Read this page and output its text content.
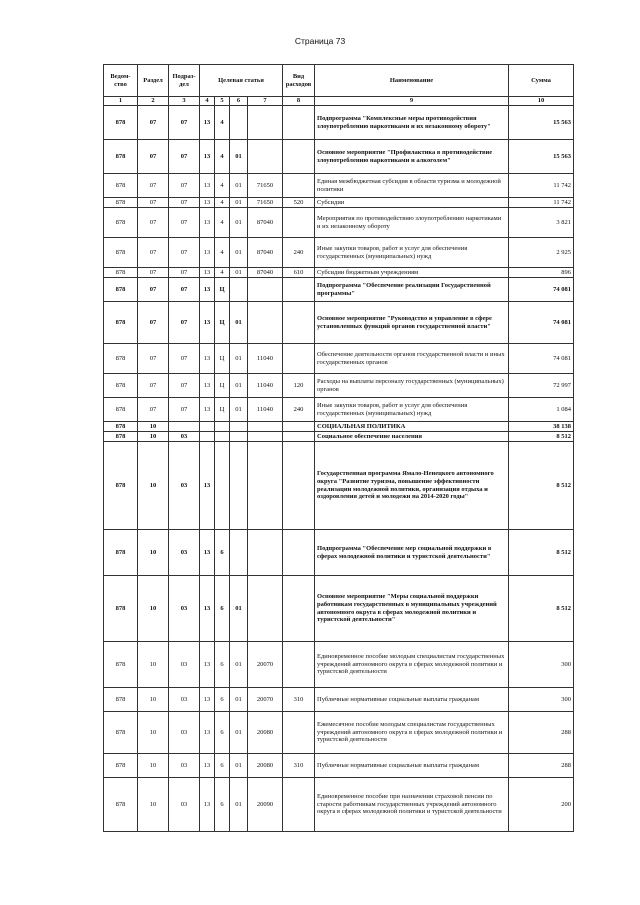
Страница 73
Ведом-ство	Раздел	Подраз-дел	Целевая статья				Вид расходов	Наименование	Сумма
1	2	3	4	5	6	7	8	9	10
878	07	07	13	4				Подпрограмма "Комплексные меры противодействия злоупотреблению наркотиками и их незаконному обороту"	15 563
878	07	07	13	4	01			Основное мероприятие "Профилактика в противодействие злоупотреблению наркотиками и алкоголем"	15 563
878	07	07	13	4	01	71650		Единая межбюджетная субсидия в области туризма и молодежной политики	11 742
878	07	07	13	4	01	71650	520	Субсидии	11 742
878	07	07	13	4	01	87040		Мероприятия по противодействию злоупотреблению наркотиками и их незаконному обороту	3 821
878	07	07	13	4	01	87040	240	Иные закупки товаров, работ и услуг для обеспечения государственных (муниципальных) нужд	2 925
878	07	07	13	4	01	87040	610	Субсидии бюджетным учреждениям	896
878	07	07	13	Ц				Подпрограмма "Обеспечение реализации Государственной программы"	74 081
878	07	07	13	Ц	01			Основное мероприятие "Руководство и управление в сфере установленных функций органов государственной власти"	74 081
878	07	07	13	Ц	01	11040		Обеспечение деятельности органов государственной власти и иных государственных органов	74 081
878	07	07	13	Ц	01	11040	120	Расходы на выплаты персоналу государственных (муниципальных) органов	72 997
878	07	07	13	Ц	01	11040	240	Иные закупки товаров, работ и услуг для обеспечения государственных (муниципальных) нужд	1 084
878	10							СОЦИАЛЬНАЯ ПОЛИТИКА	38 138
878	10	03						Социальное обеспечение населения	8 512
878	10	03	13					Государственная программа Ямало-Ненецкого автономного округа "Развитие туризма, повышение эффективности реализации молодежной политики, организация отдыха и оздоровления детей и молодежи на 2014-2020 годы"	8 512
878	10	03	13	6				Подпрограмма "Обеспечение мер социальной поддержки в сферах молодежной политики и туристской деятельности"	8 512
878	10	03	13	6	01			Основное мероприятие "Меры социальной поддержки работникам государственных в муниципальных учреждений автономного округа в сферах молодежной политики и туристской деятельности"	8 512
878	10	03	13	6	01	20070		Единовременное пособие молодым специалистам государственных учреждений автономного округа в сферах молодежной политики и туристской деятельности	300
878	10	03	13	6	01	20070	310	Публичные нормативные социальные выплаты гражданам	300
878	10	03	13	6	01	20080		Ежемесячное пособие молодым специалистам государственных учреждений автономного округа в сферах молодежной политики и туристской деятельности	288
878	10	03	13	6	01	20080	310	Публичные нормативные социальные выплаты гражданам	288
878	10	03	13	6	01	20090		Единовременное пособие при назначении страховой пенсии по старости работникам государственных учреждений автономного округа в сферах молодежной политики и туристской деятельности	200
